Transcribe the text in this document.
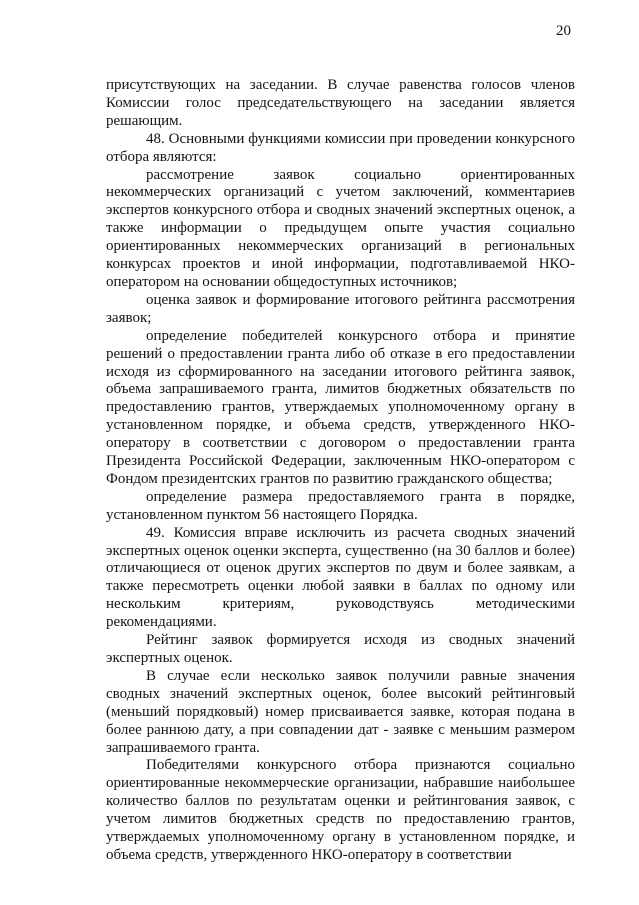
20

присутствующих на заседании. В случае равенства голосов членов Комиссии голос председательствующего на заседании является решающим.

48. Основными функциями комиссии при проведении конкурсного отбора являются:

рассмотрение заявок социально ориентированных некоммерческих организаций с учетом заключений, комментариев экспертов конкурсного отбора и сводных значений экспертных оценок, а также информации о предыдущем опыте участия социально ориентированных некоммерческих организаций в региональных конкурсах проектов и иной информации, подготавливаемой НКО-оператором на основании общедоступных источников;

оценка заявок и формирование итогового рейтинга рассмотрения заявок;

определение победителей конкурсного отбора и принятие решений о предоставлении гранта либо об отказе в его предоставлении исходя из сформированного на заседании итогового рейтинга заявок, объема запрашиваемого гранта, лимитов бюджетных обязательств по предоставлению грантов, утверждаемых уполномоченному органу в установленном порядке, и объема средств, утвержденного НКО-оператору в соответствии с договором о предоставлении гранта Президента Российской Федерации, заключенным НКО-оператором с Фондом президентских грантов по развитию гражданского общества;

определение размера предоставляемого гранта в порядке, установленном пунктом 56 настоящего Порядка.

49. Комиссия вправе исключить из расчета сводных значений экспертных оценок оценки эксперта, существенно (на 30 баллов и более) отличающиеся от оценок других экспертов по двум и более заявкам, а также пересмотреть оценки любой заявки в баллах по одному или нескольким критериям, руководствуясь методическими рекомендациями.

Рейтинг заявок формируется исходя из сводных значений экспертных оценок.

В случае если несколько заявок получили равные значения сводных значений экспертных оценок, более высокий рейтинговый (меньший порядковый) номер присваивается заявке, которая подана в более раннюю дату, а при совпадении дат - заявке с меньшим размером запрашиваемого гранта.

Победителями конкурсного отбора признаются социально ориентированные некоммерческие организации, набравшие наибольшее количество баллов по результатам оценки и рейтингования заявок, с учетом лимитов бюджетных средств по предоставлению грантов, утверждаемых уполномоченному органу в установленном порядке, и объема средств, утвержденного НКО-оператору в соответствии
